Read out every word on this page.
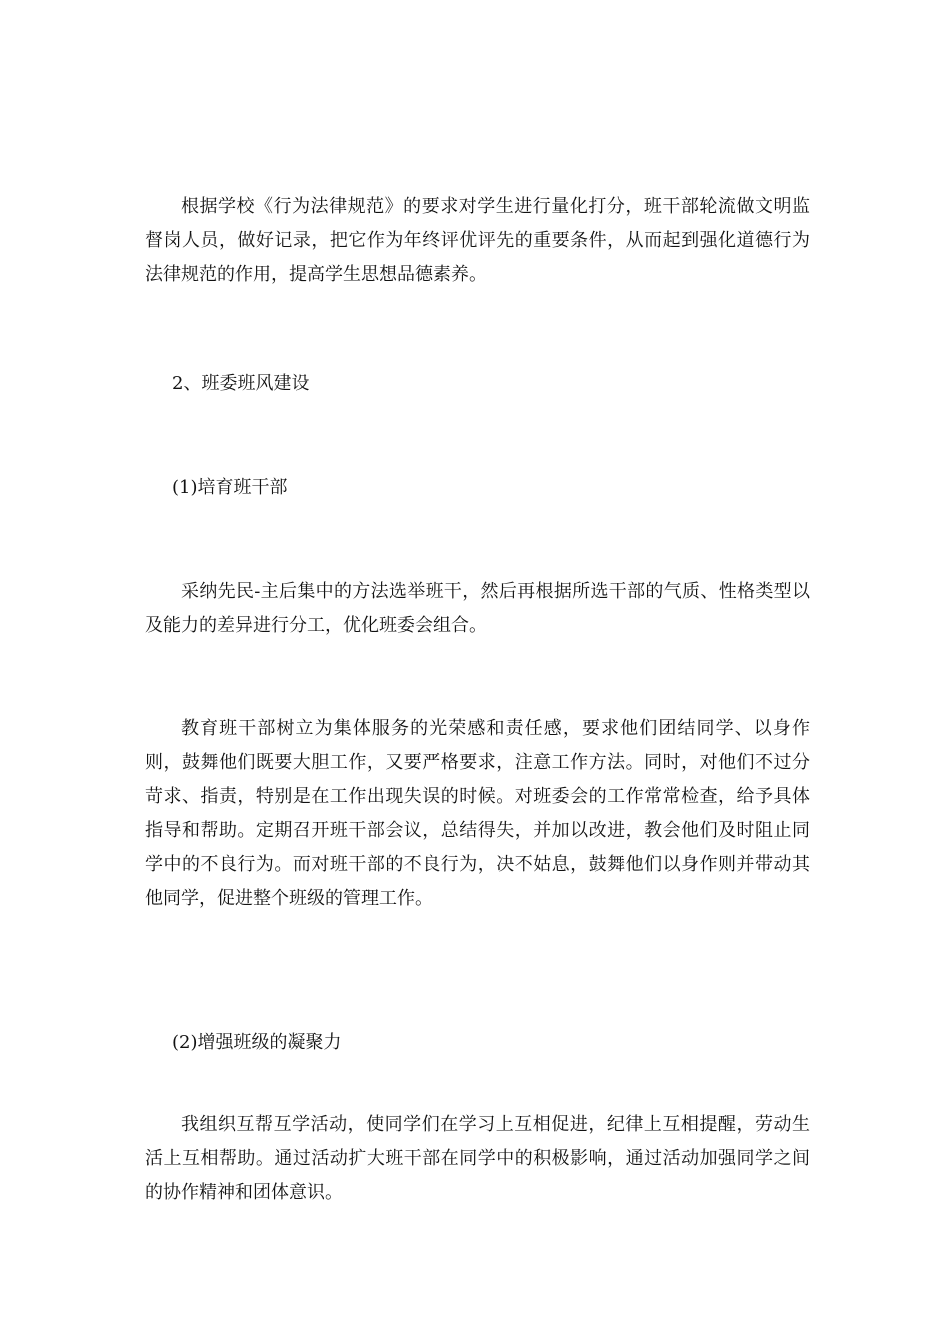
根据学校《行为法律规范》的要求对学生进行量化打分，班干部轮流做文明监督岗人员，做好记录，把它作为年终评优评先的重要条件，从而起到强化道德行为法律规范的作用，提高学生思想品德素养。

2、班委班风建设

(1)培育班干部

采纳先民-主后集中的方法选举班干，然后再根据所选干部的气质、性格类型以及能力的差异进行分工，优化班委会组合。

教育班干部树立为集体服务的光荣感和责任感，要求他们团结同学、以身作则，鼓舞他们既要大胆工作，又要严格要求，注意工作方法。同时，对他们不过分苛求、指责，特别是在工作出现失误的时候。对班委会的工作常常检查，给予具体指导和帮助。定期召开班干部会议，总结得失，并加以改进，教会他们及时阻止同学中的不良行为。而对班干部的不良行为，决不姑息，鼓舞他们以身作则并带动其他同学，促进整个班级的管理工作。

(2)增强班级的凝聚力

我组织互帮互学活动，使同学们在学习上互相促进，纪律上互相提醒，劳动生活上互相帮助。通过活动扩大班干部在同学中的积极影响，通过活动加强同学之间的协作精神和团体意识。
